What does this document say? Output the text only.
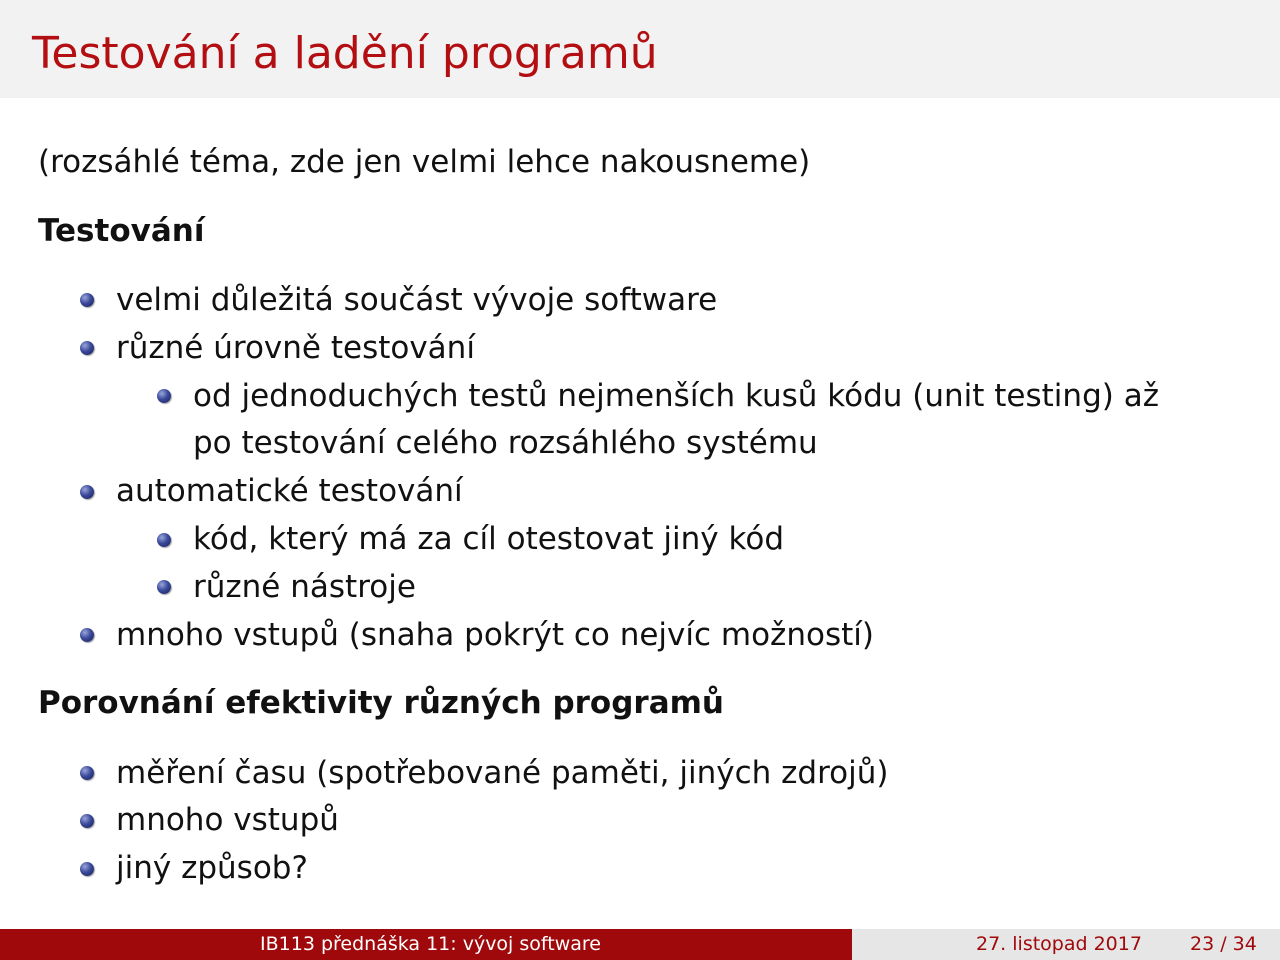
Testování a ladění programů
(rozsáhlé téma, zde jen velmi lehce nakousneme)
Testování
velmi důležitá součást vývoje software
různé úrovně testování
od jednoduchých testů nejmenších kusů kódu (unit testing) až
po testování celého rozsáhlého systému
automatické testování
kód, který má za cíl otestovat jiný kód
různé nástroje
mnoho vstupů (snaha pokrýt co nejvíc možností)
Porovnání efektivity různých programů
měření času (spotřebované paměti, jiných zdrojů)
mnoho vstupů
jiný způsob?
IB113 přednáška 11: vývoj software	27. listopad 2017	23 / 34
